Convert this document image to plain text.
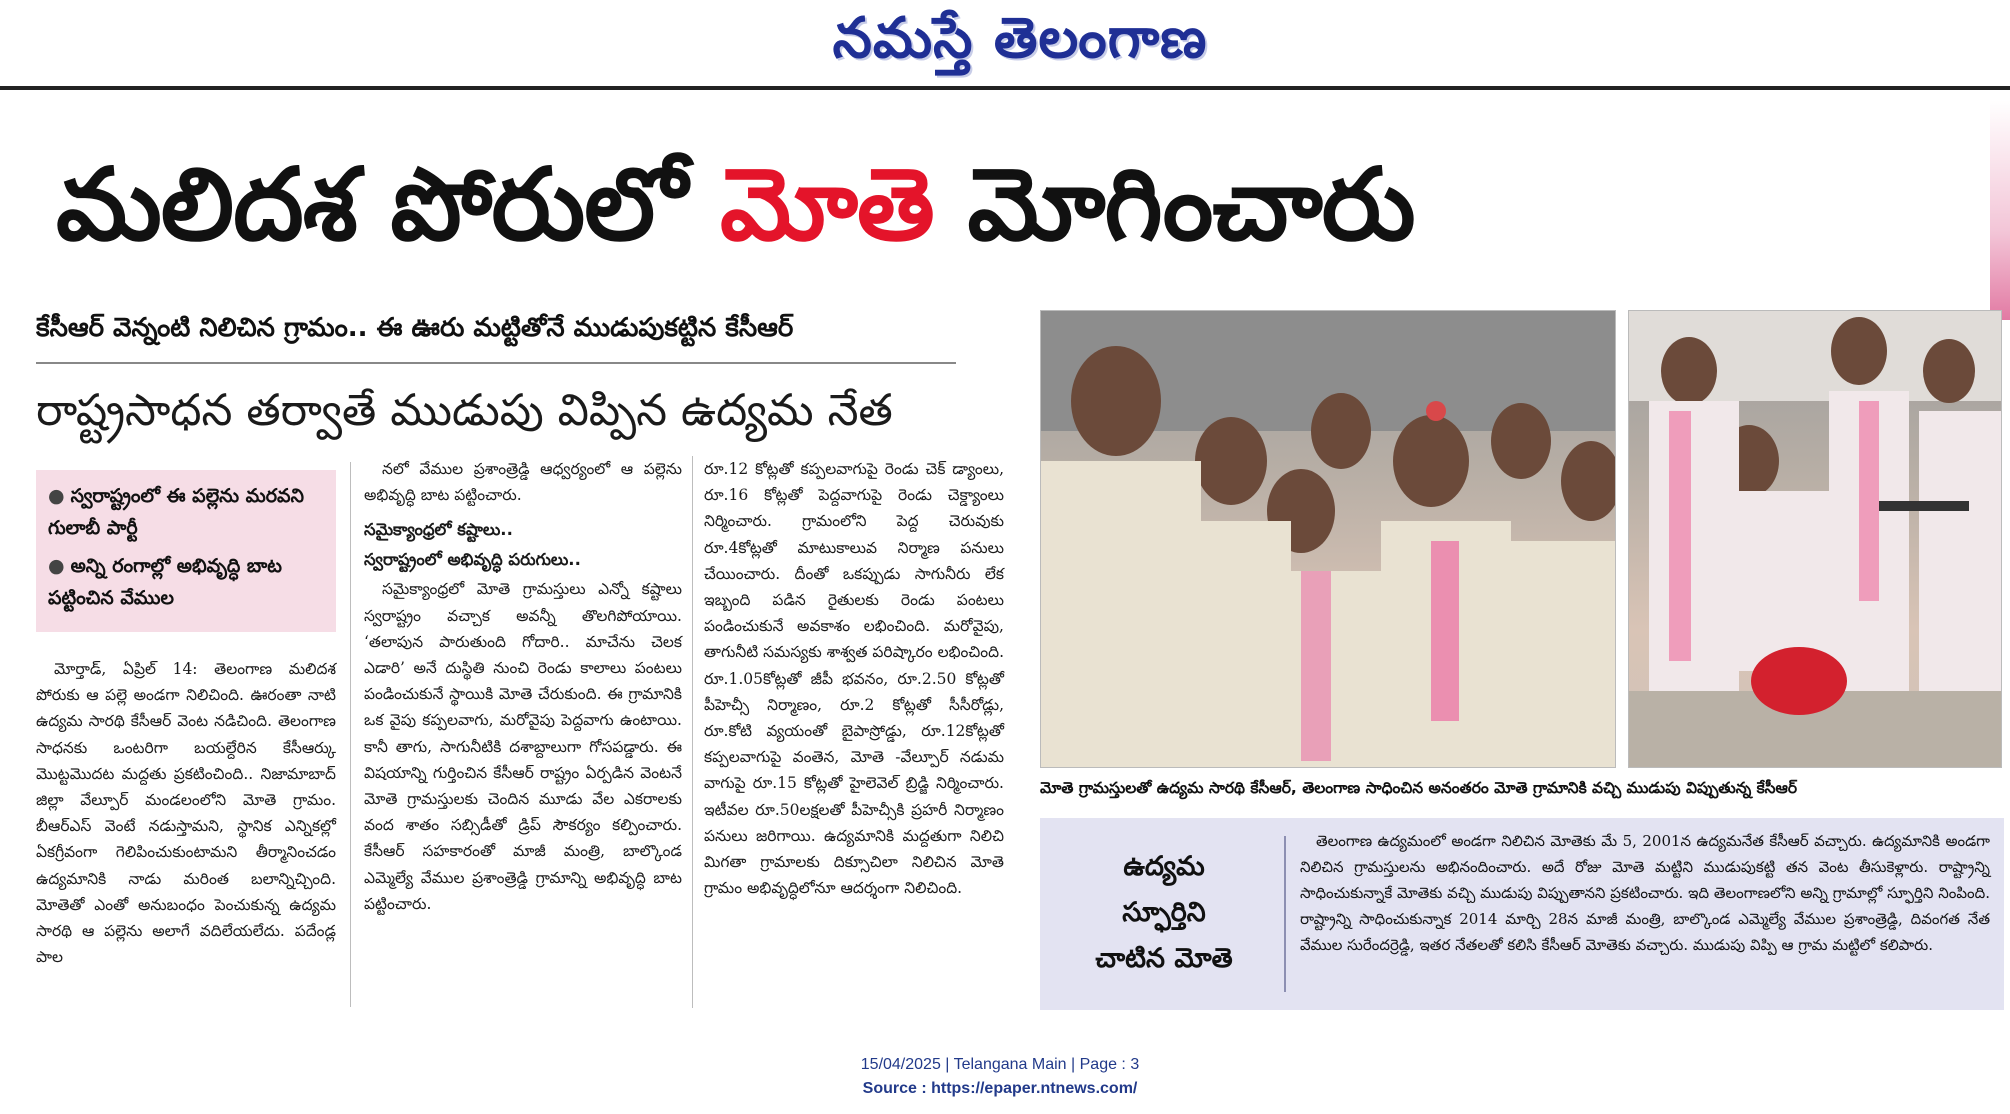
నమస్తే తెలంగాణ
మలిదశ పోరులో మోతె మోగించారు
కేసీఆర్ వెన్నంటి నిలిచిన గ్రామం.. ఈ ఊరు మట్టితోనే ముడుపుకట్టిన కేసీఆర్
రాష్ట్రసాధన తర్వాతే ముడుపు విప్పిన ఉద్యమ నేత
● స్వరాష్ట్రంలో ఈ పల్లెను మరవని గులాబీ పార్టీ
● అన్ని రంగాల్లో అభివృద్ధి బాట పట్టించిన వేముల

మోర్తాడ్, ఏప్రిల్ 14: తెలంగాణ మలిదశ పోరుకు ఆ పల్లె అండగా నిలిచింది. ఊరంతా నాటి ఉద్యమ సారథి కేసీఆర్ వెంట నడిచింది. తెలంగాణ సాధనకు ఒంటరిగా బయల్దేరిన కేసీఆర్కు మొట్టమొదట మద్దతు ప్రకటించింది.. నిజామాబాద్ జిల్లా వేల్పూర్ మండలంలోని మోతె గ్రామం. బీఆర్ఎస్ వెంటే నడుస్తామని, స్థానిక ఎన్నికల్లో ఏకగ్రీవంగా గెలిపించుకుంటామని తీర్మానించడం ఉద్యమానికి నాడు మరింత బలాన్నిచ్చింది. మోతెతో ఎంతో అనుబంధం పెంచుకున్న ఉద్యమ సారథి ఆ పల్లెను అలాగే వదిలేయలేదు. పదేండ్ల పాల

నలో వేముల ప్రశాంత్రెడ్డి ఆధ్వర్యంలో ఆ పల్లెను అభివృద్ధి బాట పట్టించారు.

సమైక్యాంధ్రలో కష్టాలు..
స్వరాష్ట్రంలో అభివృద్ధి పరుగులు..

సమైక్యాంధ్రలో మోతె గ్రామస్తులు ఎన్నో కష్టాలు స్వరాష్ట్రం వచ్చాక అవన్నీ తొలగిపోయాయి. ‘తలాపున పారుతుంది గోదారి.. మాచేను చెలక ఎడారి’ అనే దుస్థితి నుంచి రెండు కాలాలు పంటలు పండించుకునే స్థాయికి మోతె చేరుకుంది. ఈ గ్రామానికి ఒక వైపు కప్పలవాగు, మరోవైపు పెద్దవాగు ఉంటాయి. కానీ తాగు, సాగునీటికి దశాబ్దాలుగా గోసపడ్డారు. ఈ విషయాన్ని గుర్తించిన కేసీఆర్ రాష్ట్రం ఏర్పడిన వెంటనే మోతె గ్రామస్తులకు చెందిన మూడు వేల ఎకరాలకు వంద శాతం సబ్సిడీతో డ్రిప్ సౌకర్యం కల్పించారు. కేసీఆర్ సహకారంతో మాజీ మంత్రి, బాల్కొండ ఎమ్మెల్యే వేముల ప్రశాంత్రెడ్డి గ్రామాన్ని అభివృద్ధి బాట పట్టించారు.

రూ.12 కోట్లతో కప్పలవాగుపై రెండు చెక్ డ్యాంలు, రూ.16 కోట్లతో పెద్దవాగుపై రెండు చెక్డ్యాంలు నిర్మించారు. గ్రామంలోని పెద్ద చెరువుకు రూ.4కోట్లతో మాటుకాలువ నిర్మాణ పనులు చేయించారు. దీంతో ఒకప్పుడు సాగునీరు లేక ఇబ్బంది పడిన రైతులకు రెండు పంటలు పండించుకునే అవకాశం లభించింది. మరోవైపు, తాగునీటి సమస్యకు శాశ్వత పరిష్కారం లభించింది. రూ.1.05కోట్లతో జీపీ భవనం, రూ.2.50 కోట్లతో పీహెచ్సీ నిర్మాణం, రూ.2 కోట్లతో సీసీరోడ్లు, రూ.కోటి వ్యయంతో బైపాస్రోడ్డు, రూ.12కోట్లతో కప్పలవాగుపై వంతెన, మోతె -వేల్పూర్ నడుమ వాగుపై రూ.15 కోట్లతో హైలెవెల్ బ్రిడ్జి నిర్మించారు. ఇటీవల రూ.50లక్షలతో పీహెచ్సీకి ప్రహరీ నిర్మాణం పనులు జరిగాయి. ఉద్యమానికి మద్దతుగా నిలిచి మిగతా గ్రామాలకు దిక్సూచిలా నిలిచిన మోతె గ్రామం అభివృద్ధిలోనూ ఆదర్శంగా నిలిచింది.

మోతె గ్రామస్తులతో ఉద్యమ సారథి కేసీఆర్, తెలంగాణ సాధించిన అనంతరం మోతె గ్రామానికి వచ్చి ముడుపు విప్పుతున్న కేసీఆర్
ఉద్యమ
స్ఫూర్తిని
చాటిన మోతె

తెలంగాణ ఉద్యమంలో అండగా నిలిచిన మోతెకు మే 5, 2001న ఉద్యమనేత కేసీఆర్ వచ్చారు. ఉద్యమానికి అండగా నిలిచిన గ్రామస్తులను అభినందించారు. అదే రోజు మోతె మట్టిని ముడుపుకట్టి తన వెంట తీసుకెళ్లారు. రాష్ట్రాన్ని సాధించుకున్నాకే మోతెకు వచ్చి ముడుపు విప్పుతానని ప్రకటించారు. ఇది తెలంగాణలోని అన్ని గ్రామాల్లో స్ఫూర్తిని నింపింది. రాష్ట్రాన్ని సాధించుకున్నాక 2014 మార్చి 28న మాజీ మంత్రి, బాల్కొండ ఎమ్మెల్యే వేముల ప్రశాంత్రెడ్డి, దివంగత నేత వేముల సురేందర్రెడ్డి, ఇతర నేతలతో కలిసి కేసీఆర్ మోతెకు వచ్చారు. ముడుపు విప్పి ఆ గ్రామ మట్టిలో కలిపారు.

15/04/2025 | Telangana Main | Page : 3
Source : https://epaper.ntnews.com/
